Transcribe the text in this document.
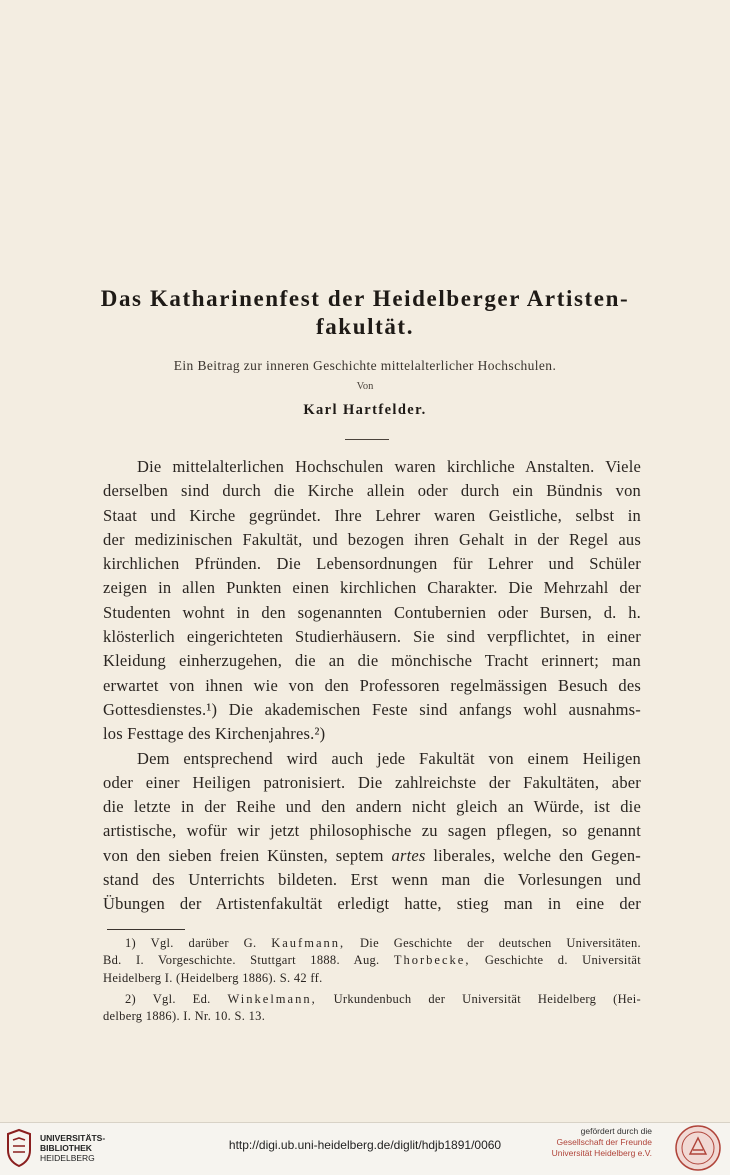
Das Katharinenfest der Heidelberger Artisten-
fakultät.
Ein Beitrag zur inneren Geschichte mittelalterlicher Hochschulen.
Von
Karl Hartfelder.
Die mittelalterlichen Hochschulen waren kirchliche Anstalten. Viele
derselben sind durch die Kirche allein oder durch ein Bündnis von
Staat und Kirche gegründet. Ihre Lehrer waren Geistliche, selbst in
der medizinischen Fakultät, und bezogen ihren Gehalt in der Regel aus
kirchlichen Pfründen. Die Lebensordnungen für Lehrer und Schüler
zeigen in allen Punkten einen kirchlichen Charakter. Die Mehrzahl der
Studenten wohnt in den sogenannten Contubernien oder Bursen, d. h.
klösterlich eingerichteten Studierhäusern. Sie sind verpflichtet, in einer
Kleidung einherzugehen, die an die mönchische Tracht erinnert; man
erwartet von ihnen wie von den Professoren regelmässigen Besuch des
Gottesdienstes.¹) Die akademischen Feste sind anfangs wohl ausnahms-
los Festtage des Kirchenjahres.²)
Dem entsprechend wird auch jede Fakultät von einem Heiligen
oder einer Heiligen patronisiert. Die zahlreichste der Fakultäten, aber
die letzte in der Reihe und den andern nicht gleich an Würde, ist die
artistische, wofür wir jetzt philosophische zu sagen pflegen, so genannt
von den sieben freien Künsten, septem artes liberales, welche den Gegen-
stand des Unterrichts bildeten. Erst wenn man die Vorlesungen und
Übungen der Artistenfakultät erledigt hatte, stieg man in eine der
1) Vgl. darüber G. Kaufmann, Die Geschichte der deutschen Universitäten.
Bd. I. Vorgeschichte. Stuttgart 1888. Aug. Thorbecke, Geschichte d. Universität
Heidelberg I. (Heidelberg 1886). S. 42 ff.
2) Vgl. Ed. Winkelmann, Urkundenbuch der Universität Heidelberg (Hei-
delberg 1886). I. Nr. 10. S. 13.
UNIVERSITÄTS-
BIBLIOTHEK
HEIDELBERG
http://digi.ub.uni-heidelberg.de/diglit/hdjb1891/0060
gefördert durch die
Gesellschaft der Freunde
Universität Heidelberg e.V.
